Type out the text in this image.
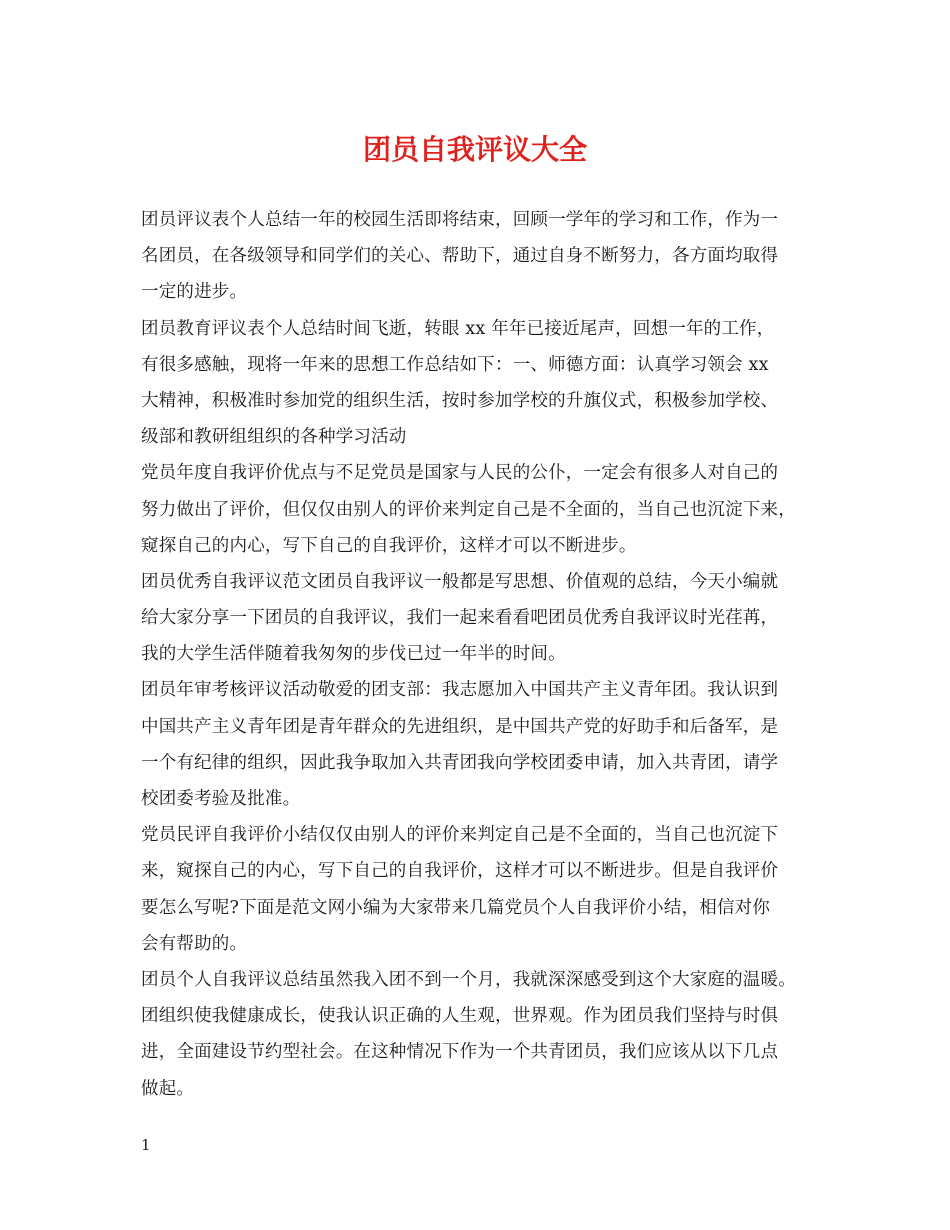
团员自我评议大全
团员评议表个人总结一年的校园生活即将结束，回顾一学年的学习和工作，作为一
名团员，在各级领导和同学们的关心、帮助下，通过自身不断努力，各方面均取得
一定的进步。
团员教育评议表个人总结时间飞逝，转眼 xx 年年已接近尾声，回想一年的工作，
有很多感触，现将一年来的思想工作总结如下：一、师德方面：认真学习领会 xx
大精神，积极准时参加党的组织生活，按时参加学校的升旗仪式，积极参加学校、
级部和教研组组织的各种学习活动
党员年度自我评价优点与不足党员是国家与人民的公仆，一定会有很多人对自己的
努力做出了评价，但仅仅由别人的评价来判定自己是不全面的，当自己也沉淀下来，
窥探自己的内心，写下自己的自我评价，这样才可以不断进步。
团员优秀自我评议范文团员自我评议一般都是写思想、价值观的总结，今天小编就
给大家分享一下团员的自我评议，我们一起来看看吧团员优秀自我评议时光荏苒，
我的大学生活伴随着我匆匆的步伐已过一年半的时间。
团员年审考核评议活动敬爱的团支部：我志愿加入中国共产主义青年团。我认识到
中国共产主义青年团是青年群众的先进组织，是中国共产党的好助手和后备军，是
一个有纪律的组织，因此我争取加入共青团我向学校团委申请，加入共青团，请学
校团委考验及批准。
党员民评自我评价小结仅仅由别人的评价来判定自己是不全面的，当自己也沉淀下
来，窥探自己的内心，写下自己的自我评价，这样才可以不断进步。但是自我评价
要怎么写呢?下面是范文网小编为大家带来几篇党员个人自我评价小结，相信对你
会有帮助的。
团员个人自我评议总结虽然我入团不到一个月，我就深深感受到这个大家庭的温暖。
团组织使我健康成长，使我认识正确的人生观，世界观。作为团员我们坚持与时俱
进，全面建设节约型社会。在这种情况下作为一个共青团员，我们应该从以下几点
做起。
1
